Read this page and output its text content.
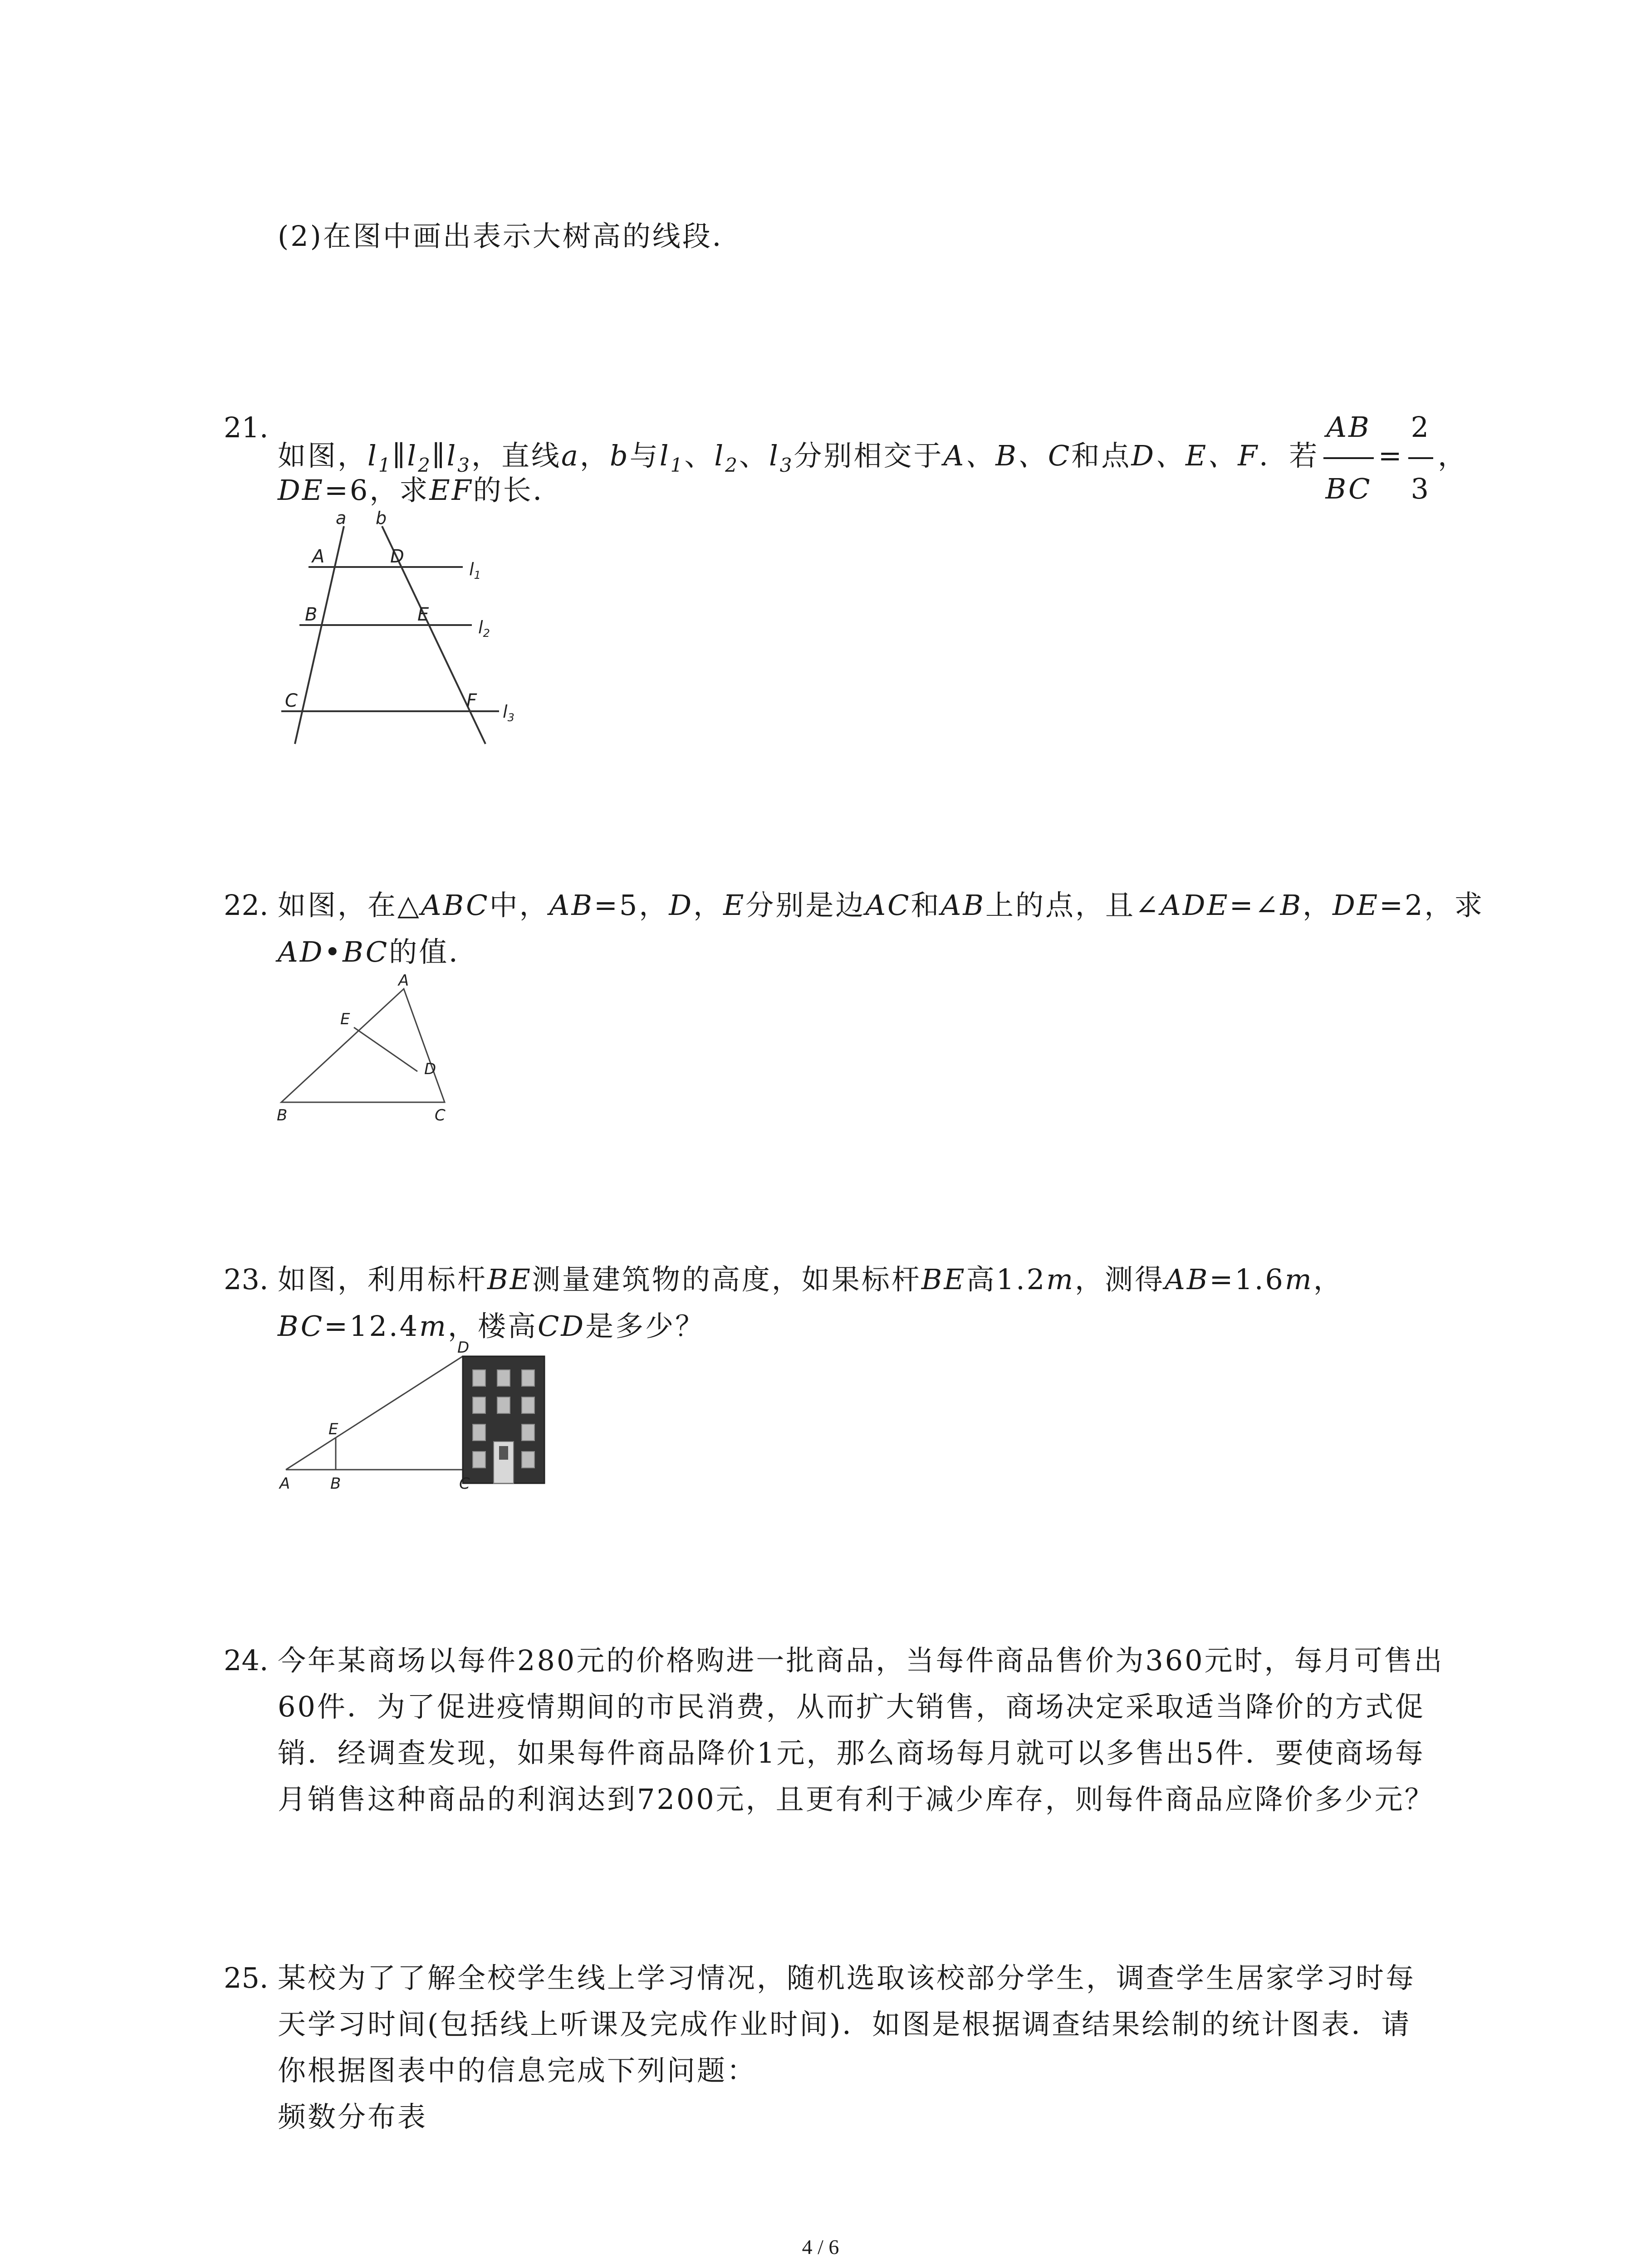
(2)在图中画出表示大树高的线段．
21.
如图，$l_1\parallel l_2\parallel l_3$，直线a，b与$l_1$、$l_2$、$l_3$分别相交于A、B、C和点D、E、F．若 $\frac{AB}{BC} = \frac{2}{3}$ ，
DE=6，求EF的长．
a b
A	D
B	E
C	F
$l_1$
$l_2$
$l_3$
22. 如图，在△ABC中，AB=5，D，E分别是边AC和AB上的点，且∠ADE=∠B，DE=2，求
AD•BC的值．
A
E
D
B	C
23. 如图，利用标杆BE测量建筑物的高度，如果标杆BE高1.2m，测得AB=1.6m，
BC=12.4m，楼高CD是多少？
D
E
A	B	C
24. 今年某商场以每件280元的价格购进一批商品，当每件商品售价为360元时，每月可售出
60件．为了促进疫情期间的市民消费，从而扩大销售，商场决定采取适当降价的方式促
销．经调查发现，如果每件商品降价1元，那么商场每月就可以多售出5件．要使商场每
月销售这种商品的利润达到7200元，且更有利于减少库存，则每件商品应降价多少元？
25. 某校为了了解全校学生线上学习情况，随机选取该校部分学生，调查学生居家学习时每
天学习时间(包括线上听课及完成作业时间)．如图是根据调查结果绘制的统计图表．请
你根据图表中的信息完成下列问题：
频数分布表
4 / 6
